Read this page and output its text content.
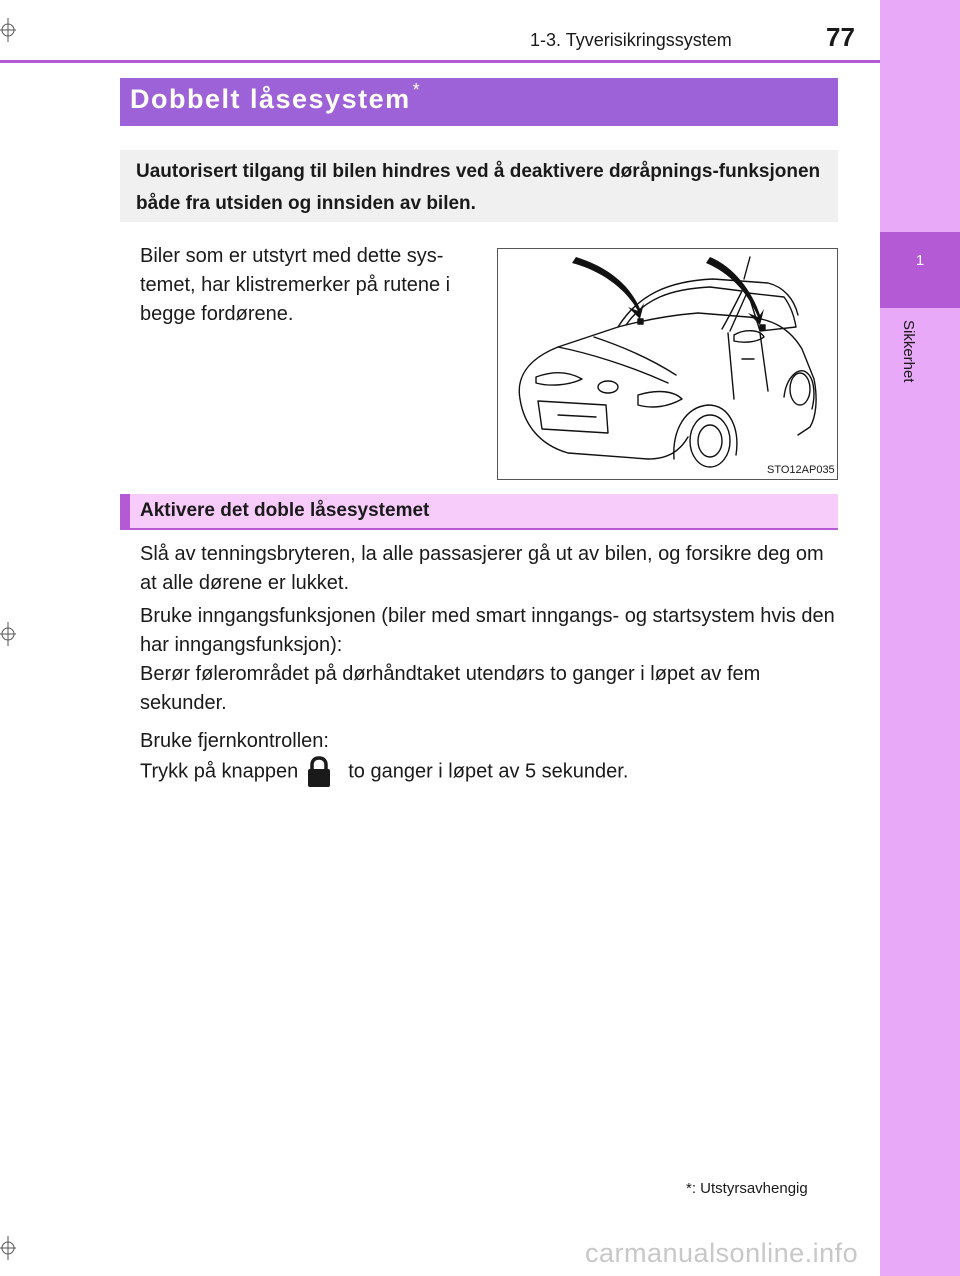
1
Sikkerhet
1-3. Tyverisikringssystem	77
Dobbelt låsesystem *
Uautorisert tilgang til bilen hindres ved å deaktivere døråpnings-funksjonen både fra utsiden og innsiden av bilen.
Biler som er utstyrt med dette sys-temet, har klistremerker på rutene i begge fordørene.
STO12AP035
Aktivere det doble låsesystemet
Slå av tenningsbryteren, la alle passasjerer gå ut av bilen, og forsikre deg om at alle dørene er lukket.
Bruke inngangsfunksjonen (biler med smart inngangs- og startsystem hvis den har inngangsfunksjon):
Berør følerområdet på dørhåndtaket utendørs to ganger i løpet av fem sekunder.
Bruke fjernkontrollen:
Trykk på knappen	to ganger i løpet av 5 sekunder.
*: Utstyrsavhengig
carmanualsonline.info
